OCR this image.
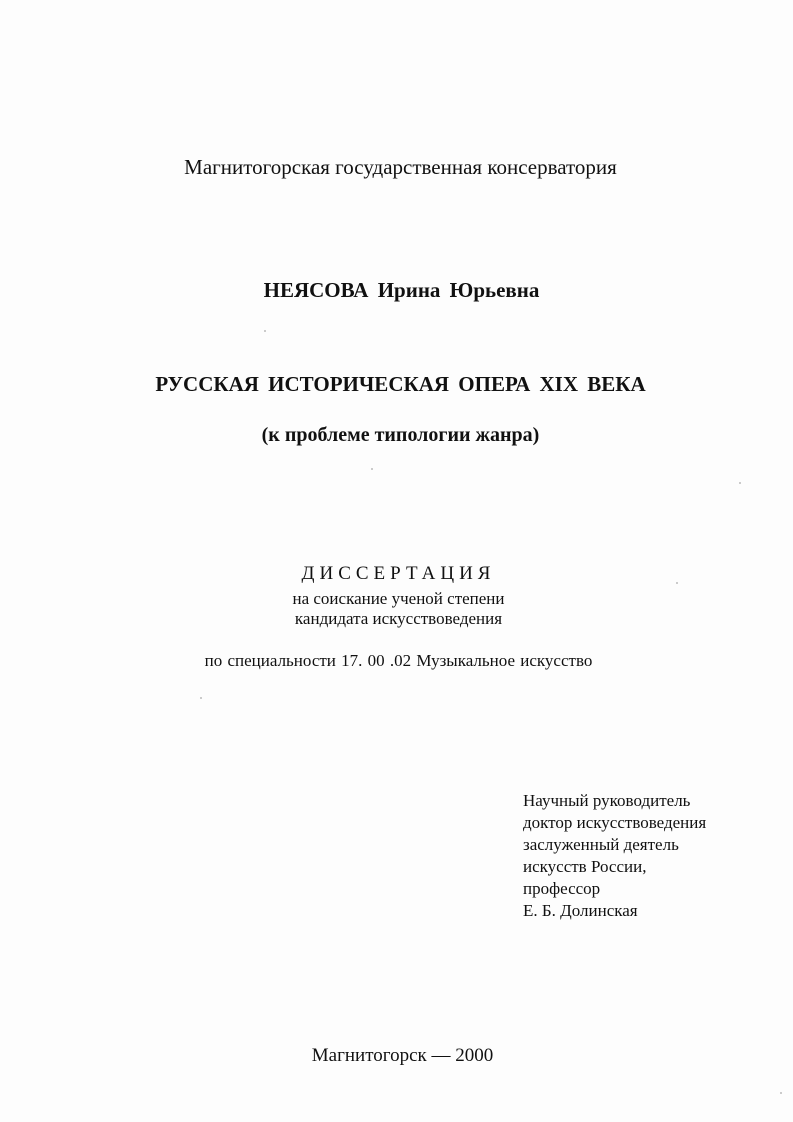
Магнитогорская государственная консерватория
НЕЯСОВА Ирина Юрьевна
РУССКАЯ ИСТОРИЧЕСКАЯ ОПЕРА XIX ВЕКА
(к проблеме типологии жанра)
ДИССЕРТАЦИЯ
на соискание ученой степени
кандидата искусствоведения
по специальности 17. 00 .02 Музыкальное искусство
Научный руководитель
доктор искусствоведения
заслуженный деятель
искусств России,
профессор
Е. Б. Долинская
Магнитогорск — 2000
